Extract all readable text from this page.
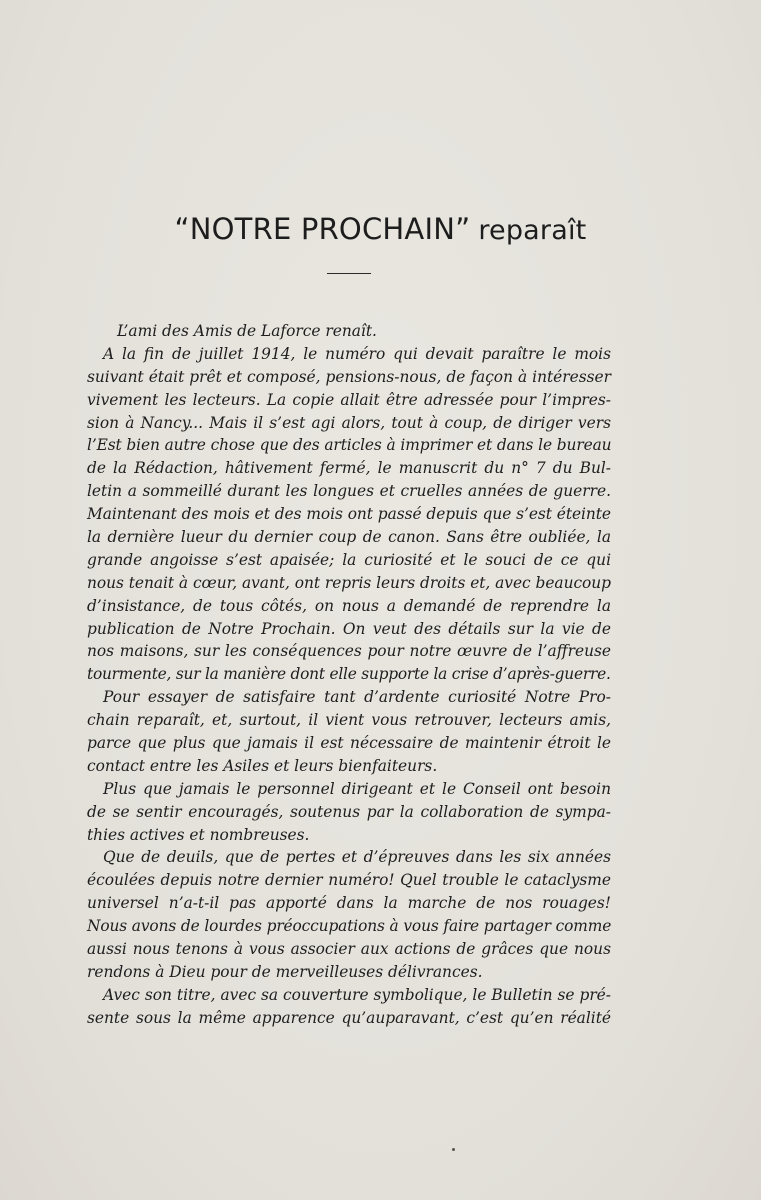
“NOTRE PROCHAIN” reparaît
L’ami des Amis de Laforce renaît.
A la fin de juillet 1914, le numéro qui devait paraître le mois
suivant était prêt et composé, pensions-nous, de façon à intéresser
vivement les lecteurs. La copie allait être adressée pour l’impres-
sion à Nancy... Mais il s’est agi alors, tout à coup, de diriger vers
l’Est bien autre chose que des articles à imprimer et dans le bureau
de la Rédaction, hâtivement fermé, le manuscrit du n° 7 du Bul-
letin a sommeillé durant les longues et cruelles années de guerre.
Maintenant des mois et des mois ont passé depuis que s’est éteinte
la dernière lueur du dernier coup de canon. Sans être oubliée, la
grande angoisse s’est apaisée; la curiosité et le souci de ce qui
nous tenait à cœur, avant, ont repris leurs droits et, avec beaucoup
d’insistance, de tous côtés, on nous a demandé de reprendre la
publication de Notre Prochain. On veut des détails sur la vie de
nos maisons, sur les conséquences pour notre œuvre de l’affreuse
tourmente, sur la manière dont elle supporte la crise d’après-guerre.
Pour essayer de satisfaire tant d’ardente curiosité Notre Pro-
chain reparaît, et, surtout, il vient vous retrouver, lecteurs amis,
parce que plus que jamais il est nécessaire de maintenir étroit le
contact entre les Asiles et leurs bienfaiteurs.
Plus que jamais le personnel dirigeant et le Conseil ont besoin
de se sentir encouragés, soutenus par la collaboration de sympa-
thies actives et nombreuses.
Que de deuils, que de pertes et d’épreuves dans les six années
écoulées depuis notre dernier numéro! Quel trouble le cataclysme
universel n’a-t-il pas apporté dans la marche de nos rouages!
Nous avons de lourdes préoccupations à vous faire partager comme
aussi nous tenons à vous associer aux actions de grâces que nous
rendons à Dieu pour de merveilleuses délivrances.
Avec son titre, avec sa couverture symbolique, le Bulletin se pré-
sente sous la même apparence qu’auparavant, c’est qu’en réalité
